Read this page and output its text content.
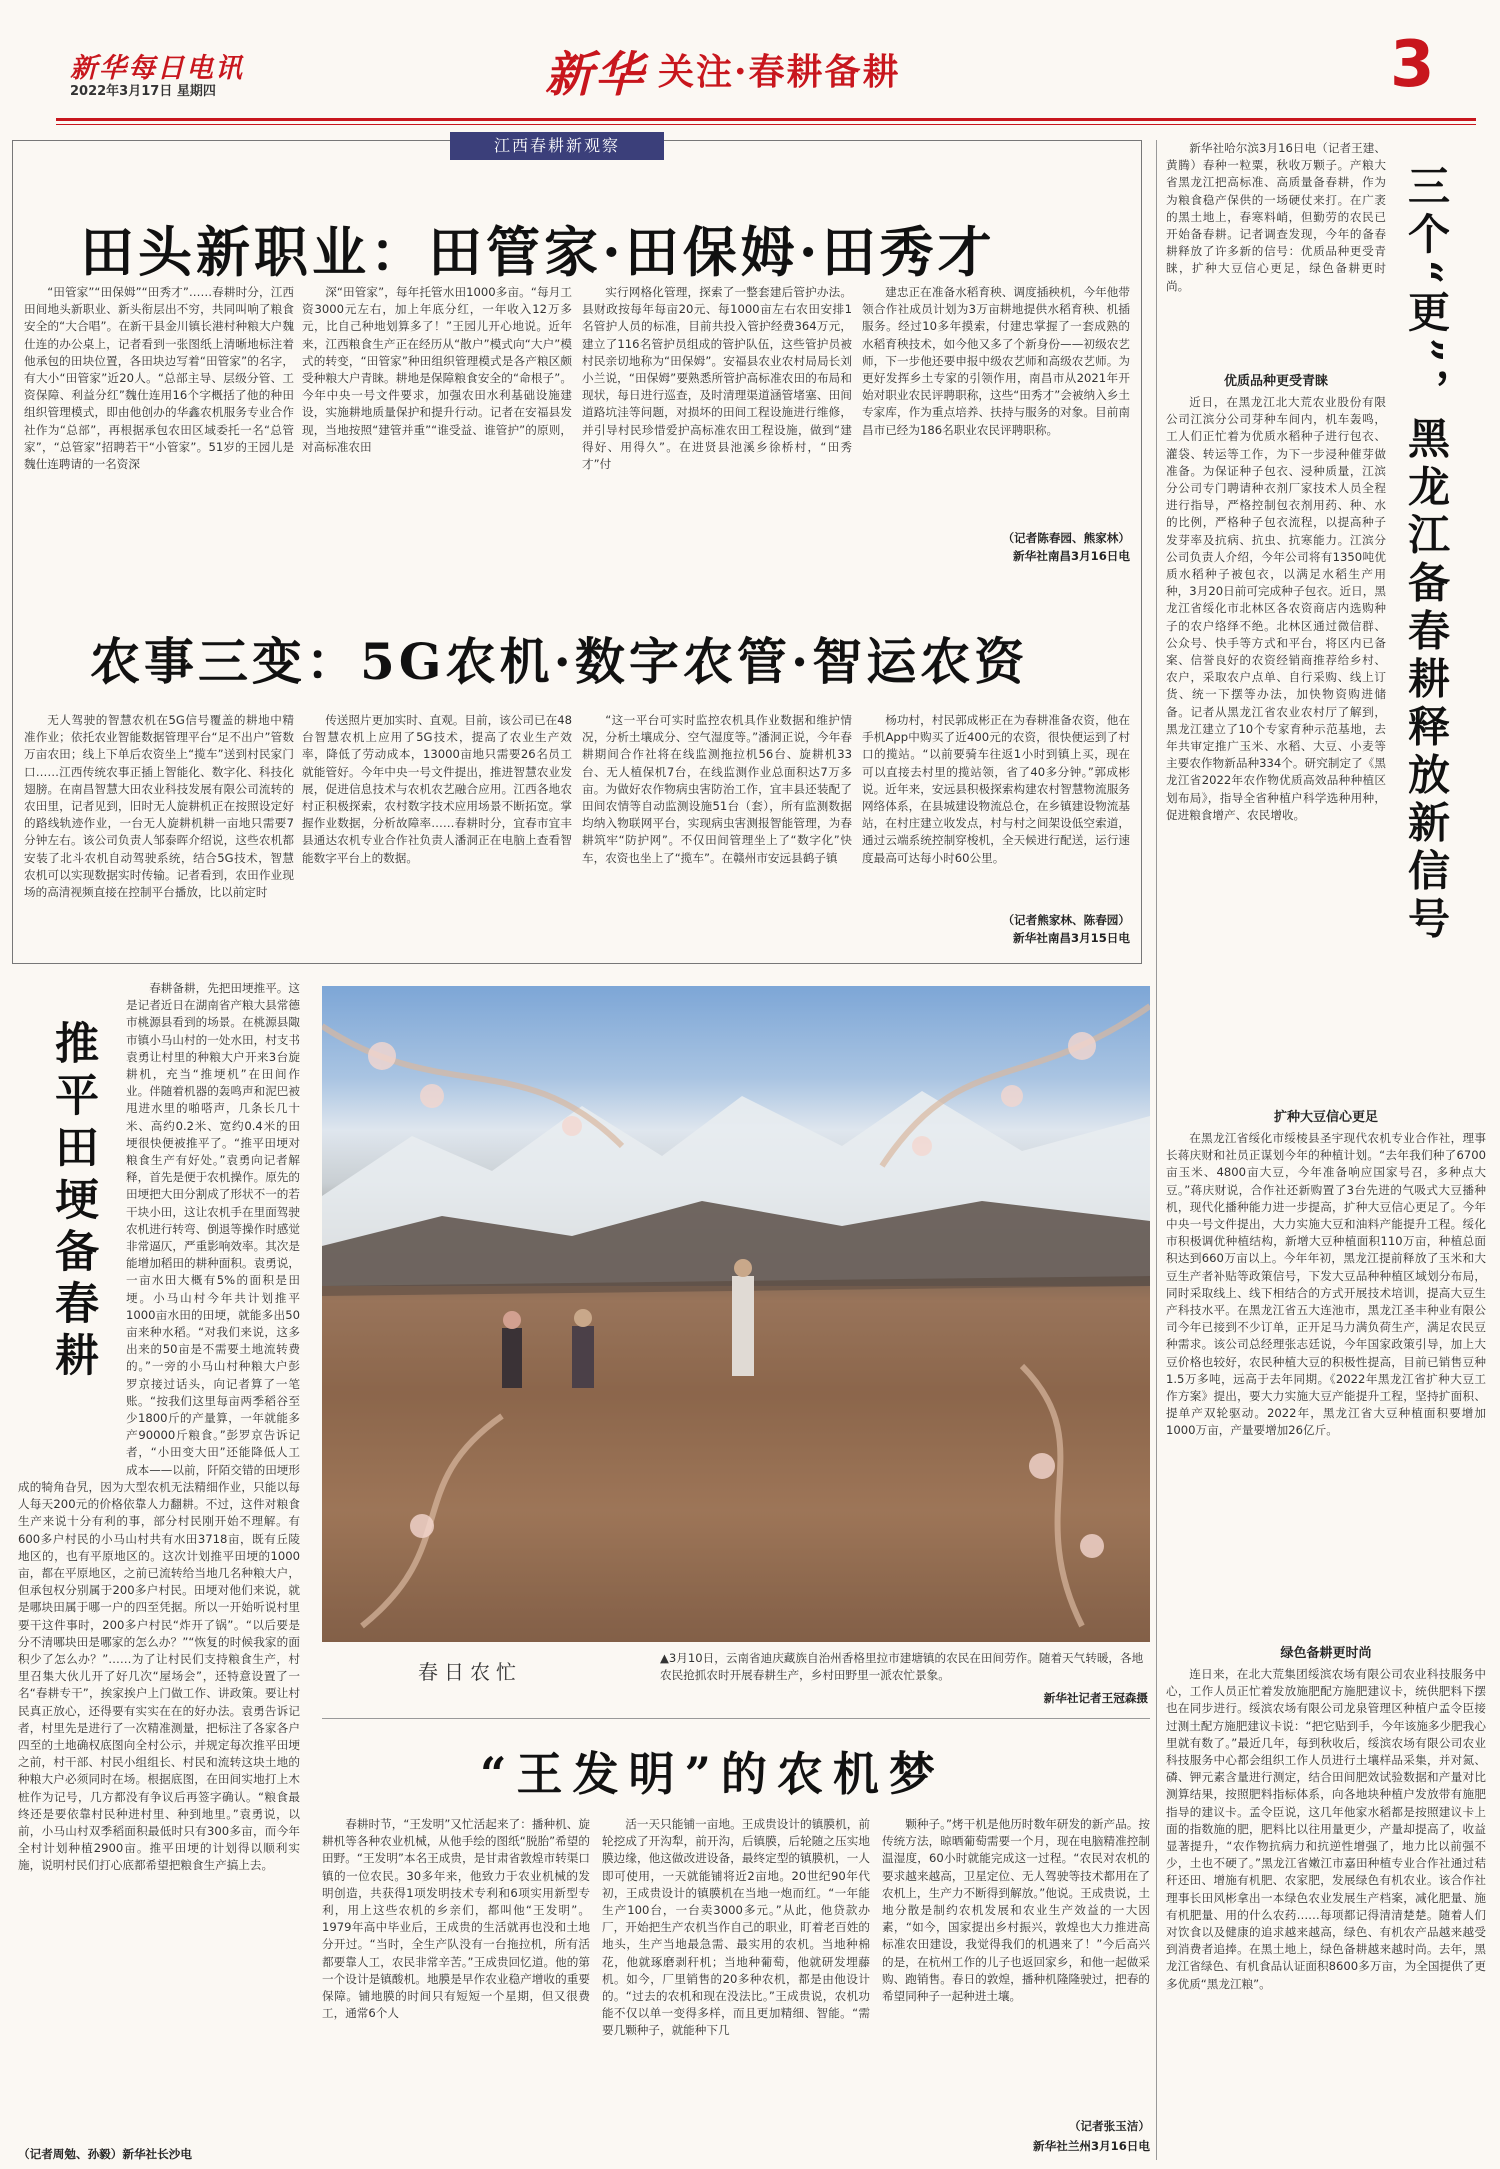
新华每日电讯
2022年3月17日 星期四	新华 关注·春耕备耕	3
江西春耕新观察
田头新职业：田管家·田保姆·田秀才

“田管家”“田保姆”“田秀才”……春耕时分，江西田间地头新职业、新头衔层出不穷，共同叫响了粮食安全的“大合唱”。在新干县金川镇长港村种粮大户魏仕连的办公桌上，记者看到一张图纸上清晰地标注着他承包的田块位置，各田块边写着“田管家”的名字，有大小“田管家”近20人。“总部主导、层级分管、工资保障、利益分红”魏仕连用16个字概括了他的种田组织管理模式，即由他创办的华鑫农机服务专业合作社作为“总部”，再根据承包农田区域委托一名“总管家”，“总管家”招聘若干“小管家”。51岁的王园儿是魏仕连聘请的一名资深

深“田管家”，每年托管水田1000多亩。“每月工资3000元左右，加上年底分红，一年收入12万多元，比自己种地划算多了！”王园儿开心地说。近年来，江西粮食生产正在经历从“散户”模式向“大户”模式的转变，“田管家”种田组织管理模式是各产粮区颇受种粮大户青睐。耕地是保障粮食安全的“命根子”。今年中央一号文件要求，加强农田水利基础设施建设，实施耕地质量保护和提升行动。记者在安福县发现，当地按照“建管并重”“谁受益、谁管护”的原则，对高标准农田

实行网格化管理，探索了一整套建后管护办法。县财政按每年每亩20元、每1000亩左右农田安排1名管护人员的标准，目前共投入管护经费364万元，建立了116名管护员组成的管护队伍，这些管护员被村民亲切地称为“田保姆”。安福县农业农村局局长刘小兰说，“田保姆”要熟悉所管护高标准农田的布局和现状，每日进行巡查，及时清理渠道涵管堵塞、田间道路坑洼等问题，对损坏的田间工程设施进行维修，并引导村民珍惜爱护高标准农田工程设施，做到“建得好、用得久”。在进贤县池溪乡徐桥村，“田秀才”付

建忠正在准备水稻育秧、调度插秧机，今年他带领合作社成员计划为3万亩耕地提供水稻育秧、机插服务。经过10多年摸索，付建忠掌握了一套成熟的水稻育秧技术，如今他又多了个新身份——初级农艺师，下一步他还要申报中级农艺师和高级农艺师。为更好发挥乡土专家的引领作用，南昌市从2021年开始对职业农民评聘职称，这些“田秀才”会被纳入乡土专家库，作为重点培养、扶持与服务的对象。目前南昌市已经为186名职业农民评聘职称。

（记者陈春园、熊家林）
新华社南昌3月16日电
农事三变：5G农机·数字农管·智运农资

无人驾驶的智慧农机在5G信号覆盖的耕地中精准作业；依托农业智能数据管理平台“足不出户”管数万亩农田；线上下单后农资坐上“揽车”送到村民家门口……江西传统农事正插上智能化、数字化、科技化翅膀。在南昌智慧大田农业科技发展有限公司流转的农田里，记者见到，旧时无人旋耕机正在按照设定好的路线轨迹作业，一台无人旋耕机耕一亩地只需要7分钟左右。该公司负责人邹泰晖介绍说，这些农机都安装了北斗农机自动驾驶系统，结合5G技术，智慧农机可以实现数据实时传输。记者看到，农田作业现场的高清视频直接在控制平台播放，比以前定时

传送照片更加实时、直观。目前，该公司已在48台智慧农机上应用了5G技术，提高了农业生产效率，降低了劳动成本，13000亩地只需要26名员工就能管好。今年中央一号文件提出，推进智慧农业发展，促进信息技术与农机农艺融合应用。江西各地农村正积极探索，农村数字技术应用场景不断拓宽。掌握作业数据，分析故障率……春耕时分，宜春市宜丰县通达农机专业合作社负责人潘洞正在电脑上查看智能数字平台上的数据。

“这一平台可实时监控农机具作业数据和维护情况，分析土壤成分、空气湿度等。”潘洞正说，今年春耕期间合作社将在线监测拖拉机56台、旋耕机33台、无人植保机7台，在线监测作业总面积达7万多亩。为做好农作物病虫害防治工作，宜丰县还装配了田间农情等自动监测设施51台（套），所有监测数据均纳入物联网平台，实现病虫害测报智能管理，为春耕筑牢“防护网”。不仅田间管理坐上了“数字化”快车，农资也坐上了“揽车”。在赣州市安远县鹤子镇

杨功村，村民郭成彬正在为春耕准备农资，他在手机App中购买了近400元的农资，很快便运到了村口的揽站。“以前要骑车往返1小时到镇上买，现在可以直接去村里的揽站领，省了40多分钟。”郭成彬说。近年来，安远县积极探索构建农村智慧物流服务网络体系，在县城建设物流总仓，在乡镇建设物流基站，在村庄建立收发点，村与村之间架设低空索道，通过云端系统控制穿梭机，全天候进行配送，运行速度最高可达每小时60公里。

（记者熊家林、陈春园）
新华社南昌3月15日电
推平田埂备春耕

春耕备耕，先把田埂推平。这是记者近日在湖南省产粮大县常德市桃源县看到的场景。在桃源县陬市镇小马山村的一处水田，村支书袁勇让村里的种粮大户开来3台旋耕机，充当“推埂机”在田间作业。伴随着机器的轰鸣声和泥巴被甩进水里的啪嗒声，几条长几十米、高约0.2米、宽约0.4米的田埂很快便被推平了。“推平田埂对粮食生产有好处。”袁勇向记者解释，首先是便于农机操作。原先的田埂把大田分割成了形状不一的若干块小田，这让农机手在里面驾驶农机进行转弯、倒退等操作时感觉非常逼仄，严重影响效率。其次是能增加稻田的耕种面积。袁勇说，一亩水田大概有5%的面积是田埂。小马山村今年共计划推平1000亩水田的田埂，就能多出50亩来种水稻。“对我们来说，这多出来的50亩是不需要土地流转费的。”一旁的小马山村种粮大户彭罗京接过话头，向记者算了一笔账。“按我们这里每亩两季稻谷至少1800斤的产量算，一年就能多产90000斤粮食。”彭罗京告诉记者，“小田变大田”还能降低人工成本——以前，阡陌交错的田埂形成的犄角旮旯，因为大型农机无法精细作业，只能以每人每天200元的价格依靠人力翻耕。不过，这件对粮食生产来说十分有利的事，部分村民刚开始不理解。有600多户村民的小马山村共有水田3718亩，既有丘陵地区的，也有平原地区的。这次计划推平田埂的1000亩，都在平原地区，之前已流转给当地几名种粮大户，但承包权分别属于200多户村民。田埂对他们来说，就是哪块田属于哪一户的四至凭据。所以一开始听说村里要干这件事时，200多户村民“炸开了锅”。“以后要是分不清哪块田是哪家的怎么办？”“恢复的时候我家的面积少了怎么办？”……为了让村民们支持粮食生产，村里召集大伙儿开了好几次“屋场会”，还特意设置了一名“春耕专干”，挨家挨户上门做工作、讲政策。要让村民真正放心，还得要有实实在在的好办法。袁勇告诉记者，村里先是进行了一次精准测量，把标注了各家各户四至的土地确权底图向全村公示，并规定每次推平田埂之前，村干部、村民小组组长、村民和流转这块土地的种粮大户必须同时在场。根据底图，在田间实地打上木桩作为记号，几方都没有争议后再签字确认。“粮食最终还是要依靠村民种进村里、种到地里。”袁勇说，以前，小马山村双季稻面积最低时只有300多亩，而今年全村计划种植2900亩。推平田埂的计划得以顺利实施，说明村民们打心底都希望把粮食生产搞上去。

（记者周勉、孙毅）新华社长沙电
春日农忙
▲3月10日，云南省迪庆藏族自治州香格里拉市建塘镇的农民在田间劳作。随着天气转暖，各地农民抢抓农时开展春耕生产，乡村田野里一派农忙景象。
新华社记者王冠森摄
“王发明”的农机梦

春耕时节，“王发明”又忙活起来了：播种机、旋耕机等各种农业机械，从他手绘的图纸“脱胎”希望的田野。“王发明”本名王成贵，是甘肃省敦煌市转渠口镇的一位农民。30多年来，他致力于农业机械的发明创造，共获得1项发明技术专利和6项实用新型专利，用上这些农机的乡亲们，都叫他“王发明”。1979年高中毕业后，王成贵的生活就再也没和土地分开过。“当时，全生产队没有一台拖拉机，所有活都要靠人工，农民非常辛苦。”王成贵回忆道。他的第一个设计是镇酸机。地膜是早作农业稳产增收的重要保障。铺地膜的时间只有短短一个星期，但又很费工，通常6个人

活一天只能铺一亩地。王成贵设计的镇膜机，前轮挖成了开沟犁，前开沟，后镇膜，后轮随之压实地膜边缘，他这做改进设备，最终定型的镇膜机，一人即可使用，一天就能铺将近2亩地。20世纪90年代初，王成贵设计的镇膜机在当地一炮而红。“一年能生产100台，一台卖3000多元。”从此，他贷款办厂，开始把生产农机当作自己的职业，盯着老百姓的地头，生产当地最急需、最实用的农机。当地种棉花，他就琢磨剥秆机；当地种葡萄，他就研发埋藤机。如今，厂里销售的20多种农机，都是由他设计的。“过去的农机和现在没法比。”王成贵说，农机功能不仅以单一变得多样，而且更加精细、智能。“需要几颗种子，就能种下几

颗种子。”烤干机是他历时数年研发的新产品。按传统方法，晾晒葡萄需要一个月，现在电脑精准控制温湿度，60小时就能完成这一过程。“农民对农机的要求越来越高，卫星定位、无人驾驶等技术都用在了农机上，生产力不断得到解放。”他说。王成贵说，土地分散是制约农机发展和农业生产效益的一大因素，“如今，国家提出乡村振兴，敦煌也大力推进高标准农田建设，我觉得我们的机遇来了！”今后高兴的是，在杭州工作的儿子也返回家乡，和他一起做采购、跑销售。春日的敦煌，播种机隆隆驶过，把春的希望同种子一起种进土壤。

（记者张玉洁）
新华社兰州3月16日电
三个“更”，黑龙江备春耕释放新信号

新华社哈尔滨3月16日电（记者王建、黄腾）春种一粒粟，秋收万颗子。产粮大省黑龙江把高标准、高质量备春耕，作为为粮食稳产保供的一场硬仗来打。在广袤的黑土地上，春寒料峭，但勤劳的农民已开始备春耕。记者调查发现，今年的备春耕释放了许多新的信号：优质品种更受青睐，扩种大豆信心更足，绿色备耕更时尚。

优质品种更受青睐

近日，在黑龙江北大荒农业股份有限公司江滨分公司芽种车间内，机车轰鸣，工人们正忙着为优质水稻种子进行包衣、灌袋、转运等工作，为下一步浸种催芽做准备。为保证种子包衣、浸种质量，江滨分公司专门聘请种衣剂厂家技术人员全程进行指导，严格控制包衣剂用药、种、水的比例，严格种子包衣流程，以提高种子发芽率及抗病、抗虫、抗寒能力。江滨分公司负责人介绍，今年公司将有1350吨优质水稻种子被包衣，以满足水稻生产用种，3月20日前可完成种子包衣。近日，黑龙江省绥化市北林区各农资商店内选购种子的农户络绎不绝。北林区通过微信群、公众号、快手等方式和平台，将区内已备案、信誉良好的农资经销商推荐给乡村、农户，采取农户点单、自行采购、线上订货、统一下摆等办法，加快物资购进储备。记者从黑龙江省农业农村厅了解到，黑龙江建立了10个专家育种示范基地，去年共审定推广玉米、水稻、大豆、小麦等主要农作物新品种334个。研究制定了《黑龙江省2022年农作物优质高效品种种植区划布局》，指导全省种植户科学选种用种，促进粮食增产、农民增收。

扩种大豆信心更足

在黑龙江省绥化市绥棱县圣宇现代农机专业合作社，理事长蒋庆财和社员正谋划今年的种植计划。“去年我们种了6700亩玉米、4800亩大豆，今年准备响应国家号召，多种点大豆。”蒋庆财说，合作社还新购置了3台先进的气吸式大豆播种机，现代化播种能力进一步提高，扩种大豆信心更足了。今年中央一号文件提出，大力实施大豆和油料产能提升工程。绥化市积极调优种植结构，新增大豆种植面积110万亩，种植总面积达到660万亩以上。今年年初，黑龙江提前释放了玉米和大豆生产者补贴等政策信号，下发大豆品种种植区域划分布局，同时采取线上、线下相结合的方式开展技术培训，提高大豆生产科技水平。在黑龙江省五大连池市，黑龙江圣丰种业有限公司今年已接到不少订单，正开足马力满负荷生产，满足农民豆种需求。该公司总经理张志廷说，今年国家政策引导，加上大豆价格也较好，农民种植大豆的积极性提高，目前已销售豆种1.5万多吨，远高于去年同期。《2022年黑龙江省扩种大豆工作方案》提出，要大力实施大豆产能提升工程，坚持扩面积、提单产双轮驱动。2022年，黑龙江省大豆种植面积要增加1000万亩，产量要增加26亿斤。

绿色备耕更时尚

连日来，在北大荒集团绥滨农场有限公司农业科技服务中心，工作人员正忙着发放施肥配方施肥建议卡，统供肥料下摆也在同步进行。绥滨农场有限公司龙泉管理区种植户孟令臣接过测土配方施肥建议卡说：“把它贴到手，今年该施多少肥我心里就有数了。”最近几年，每到秋收后，绥滨农场有限公司农业科技服务中心都会组织工作人员进行土壤样品采集，并对氮、磷、钾元素含量进行测定，结合田间肥效试验数据和产量对比测算结果，按照肥料指标体系，向各地块种植户发放带有施肥指导的建议卡。孟令臣说，这几年他家水稻都是按照建议卡上面的指数施的肥，肥料比以往用量更少，产量却提高了，收益显著提升，“农作物抗病力和抗逆性增强了，地力比以前强不少，土也不硬了。”黑龙江省嫩江市嘉田种植专业合作社通过秸秆还田、增施有机肥、农家肥，发展绿色有机农业。该合作社理事长田风彬拿出一本绿色农业发展生产档案，减化肥量、施有机肥量、用的什么农药……每项都记得清清楚楚。随着人们对饮食以及健康的追求越来越高，绿色、有机农产品越来越受到消费者追捧。在黑土地上，绿色备耕越来越时尚。去年，黑龙江省绿色、有机食品认证面积8600多万亩，为全国提供了更多优质“黑龙江粮”。
